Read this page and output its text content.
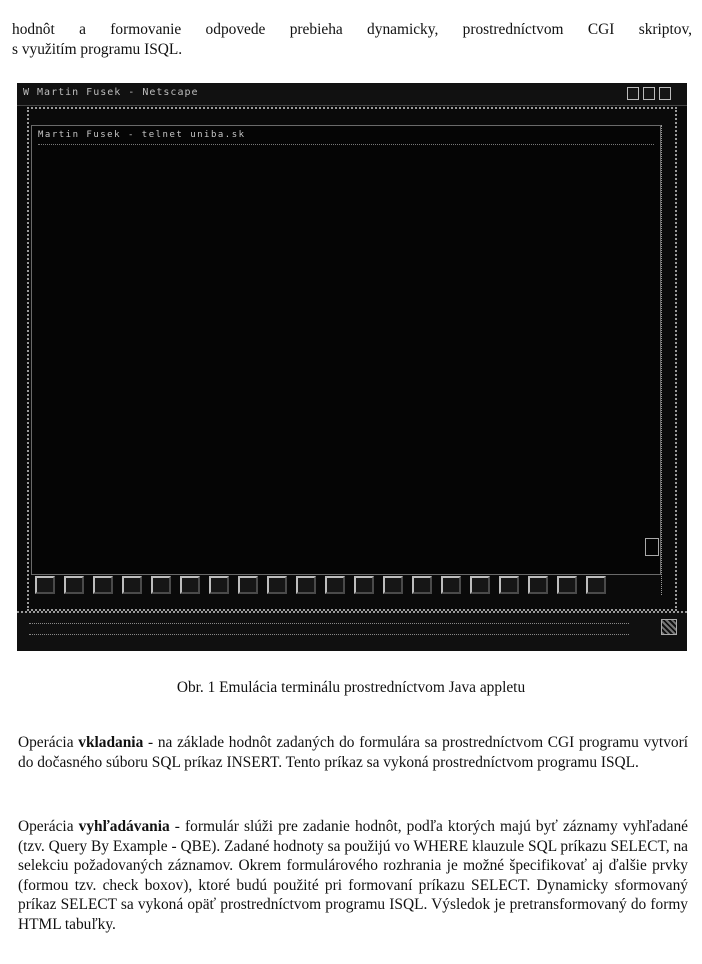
hodnôt a formovanie odpovede prebieha dynamicky, prostredníctvom CGI skriptov,
s využitím programu ISQL.
W Martin Fusek - Netscape
Martin Fusek - telnet uniba.sk
Obr. 1 Emulácia terminálu prostredníctvom Java appletu
Operácia vkladania - na základe hodnôt zadaných do formulára sa prostredníctvom CGI programu vytvorí do dočasného súboru SQL príkaz INSERT. Tento príkaz sa vykoná prostredníctvom programu ISQL.
Operácia vyhľadávania - formulár slúži pre zadanie hodnôt, podľa ktorých majú byť záznamy vyhľadané (tzv. Query By Example - QBE). Zadané hodnoty sa použijú vo WHERE klauzule SQL príkazu SELECT, na selekciu požadovaných záznamov. Okrem formulárového rozhrania je možné špecifikovať aj ďalšie prvky (formou tzv. check boxov), ktoré budú použité pri formovaní príkazu SELECT. Dynamicky sformovaný príkaz SELECT sa vykoná opäť prostredníctvom programu ISQL. Výsledok je pretransformovaný do formy HTML tabuľky.
